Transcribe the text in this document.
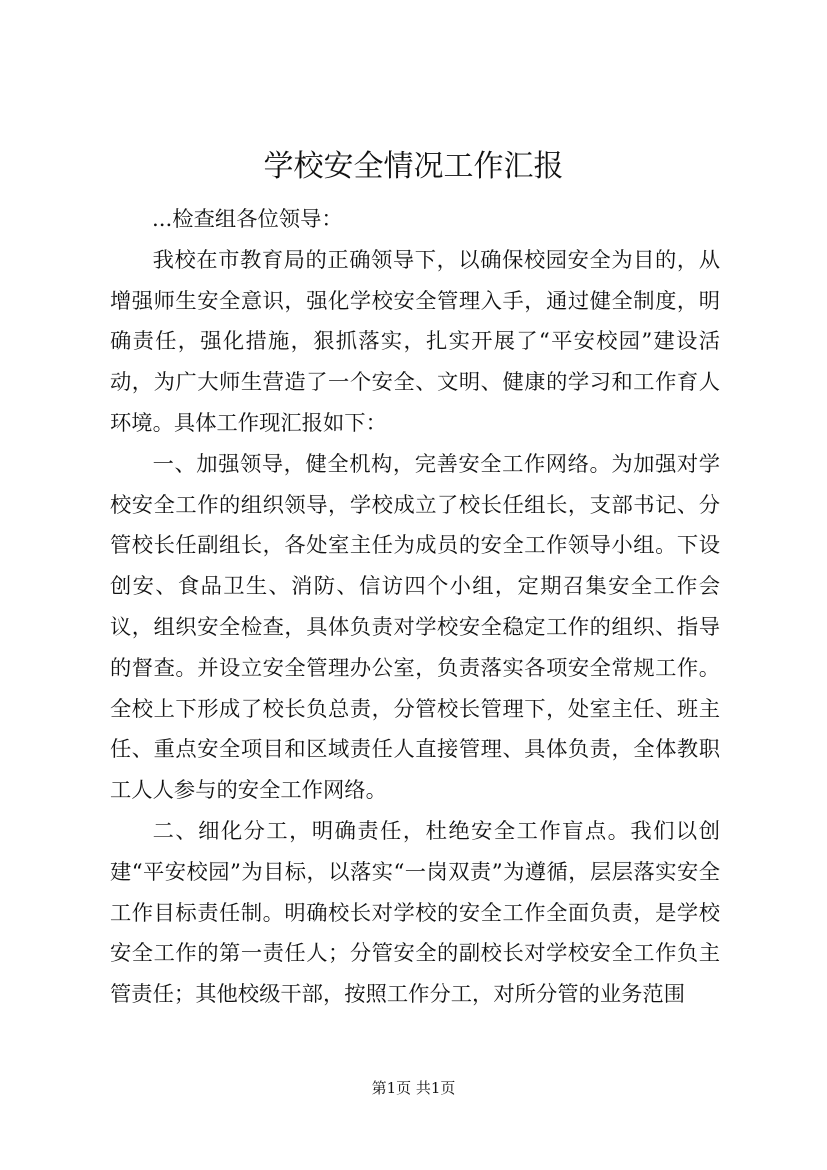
学校安全情况工作汇报

...检查组各位领导：

我校在市教育局的正确领导下，以确保校园安全为目的，从增强师生安全意识，强化学校安全管理入手，通过健全制度，明确责任，强化措施，狠抓落实，扎实开展了“平安校园”建设活动，为广大师生营造了一个安全、文明、健康的学习和工作育人环境。具体工作现汇报如下：

一、加强领导，健全机构，完善安全工作网络。为加强对学校安全工作的组织领导，学校成立了校长任组长，支部书记、分管校长任副组长，各处室主任为成员的安全工作领导小组。下设创安、食品卫生、消防、信访四个小组，定期召集安全工作会议，组织安全检查，具体负责对学校安全稳定工作的组织、指导的督查。并设立安全管理办公室，负责落实各项安全常规工作。全校上下形成了校长负总责，分管校长管理下，处室主任、班主任、重点安全项目和区域责任人直接管理、具体负责，全体教职工人人参与的安全工作网络。

二、细化分工，明确责任，杜绝安全工作盲点。我们以创建“平安校园”为目标，以落实“一岗双责”为遵循，层层落实安全工作目标责任制。明确校长对学校的安全工作全面负责，是学校安全工作的第一责任人；分管安全的副校长对学校安全工作负主管责任；其他校级干部，按照工作分工，对所分管的业务范围

第1页 共1页
